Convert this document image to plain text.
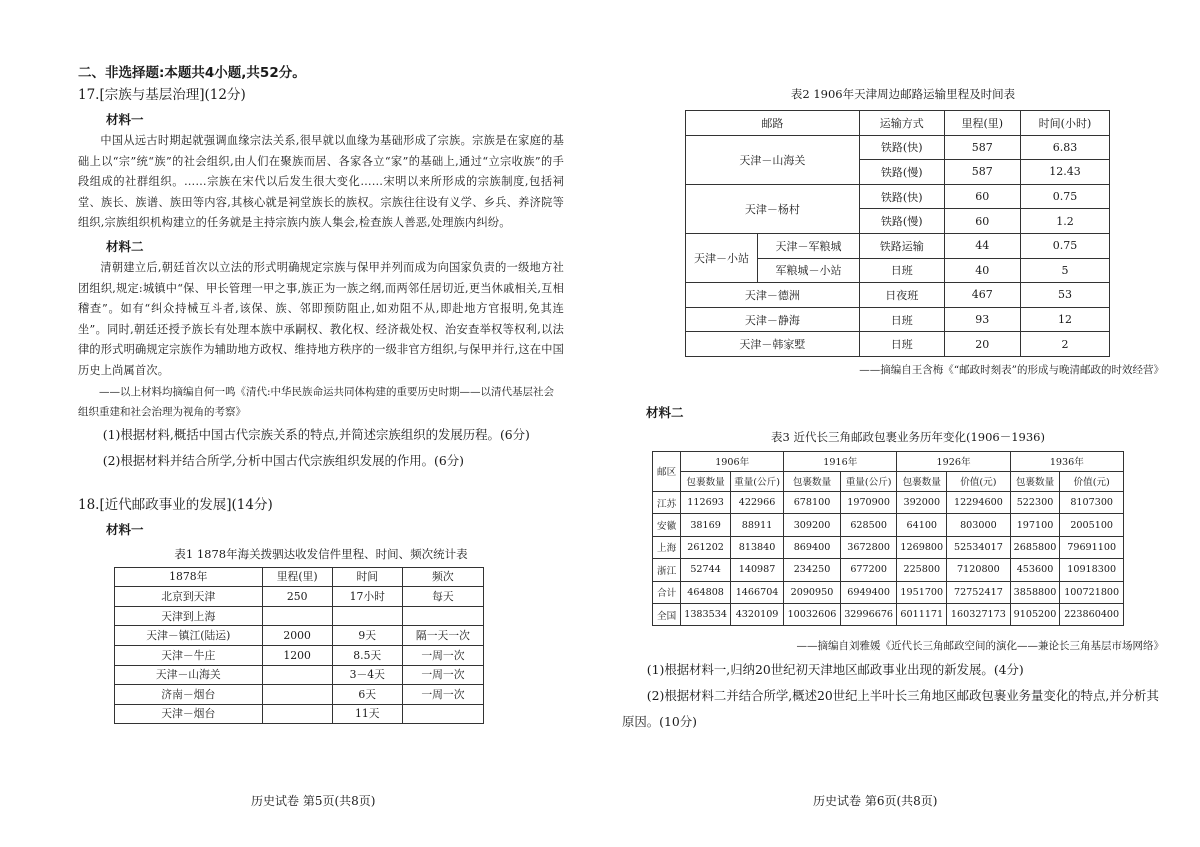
二、非选择题:本题共4小题,共52分。

17.[宗族与基层治理](12分)

材料一

中国从远古时期起就强调血缘宗法关系,很早就以血缘为基础形成了宗族。宗族是在家庭的基础上以“宗”统“族”的社会组织,由人们在聚族而居、各家各立“家”的基础上,通过“立宗收族”的手段组成的社群组织。……宗族在宋代以后发生很大变化……宋明以来所形成的宗族制度,包括祠堂、族长、族谱、族田等内容,其核心就是祠堂族长的族权。宗族往往设有义学、乡兵、养济院等组织,宗族组织机构建立的任务就是主持宗族内族人集会,检查族人善恶,处理族内纠纷。

材料二

清朝建立后,朝廷首次以立法的形式明确规定宗族与保甲并列而成为向国家负责的一级地方社团组织,规定:城镇中“保、甲长管理一甲之事,族正为一族之纲,而两邻任居切近,更当休戚相关,互相稽查”。如有“纠众持械互斗者,该保、族、邻即预防阻止,如劝阻不从,即赴地方官报明,免其连坐”。同时,朝廷还授予族长有处理本族中承嗣权、教化权、经济裁处权、治安查举权等权利,以法律的形式明确规定宗族作为辅助地方政权、维持地方秩序的一级非官方组织,与保甲并行,这在中国历史上尚属首次。

——以上材料均摘编自何一鸣《清代:中华民族命运共同体构建的重要历史时期——以清代基层社会组织重建和社会治理为视角的考察》

(1)根据材料,概括中国古代宗族关系的特点,并简述宗族组织的发展历程。(6分)

(2)根据材料并结合所学,分析中国古代宗族组织发展的作用。(6分)

18.[近代邮政事业的发展](14分)

材料一

表1 1878年海关拨驷达收发信件里程、时间、频次统计表

1878年	里程(里)	时间	频次
北京到天津	250	17小时	每天
天津到上海			
天津－镇江(陆运)	2000	9天	隔一天一次
天津－牛庄	1200	8.5天	一周一次
天津－山海关		3－4天	一周一次
济南－烟台		6天	一周一次
天津－烟台		11天	

历史试卷 第5页(共8页)

表2 1906年天津周边邮路运输里程及时间表

邮路		运输方式	里程(里)	时间(小时)
天津－山海关		铁路(快)	587	6.83
		铁路(慢)	587	12.43
天津－杨村		铁路(快)	60	0.75
		铁路(慢)	60	1.2
天津－小站	天津－军粮城	铁路运输	44	0.75
	军粮城－小站	日班	40	5
天津－德洲		日夜班	467	53
天津－静海		日班	93	12
天津－韩家墅		日班	20	2

——摘编自王含梅《“邮政时刻表”的形成与晚清邮政的时效经营》

材料二

表3 近代长三角邮政包裹业务历年变化(1906－1936)

邮区	1906年		1916年		1926年		1936年	
	包裹数量	重量(公斤)	包裹数量	重量(公斤)	包裹数量	价值(元)	包裹数量	价值(元)
江苏	112693	422966	678100	1970900	392000	12294600	522300	8107300
安徽	38169	88911	309200	628500	64100	803000	197100	2005100
上海	261202	813840	869400	3672800	1269800	52534017	2685800	79691100
浙江	52744	140987	234250	677200	225800	7120800	453600	10918300
合计	464808	1466704	2090950	6949400	1951700	72752417	3858800	100721800
全国	1383534	4320109	10032606	32996676	6011171	160327173	9105200	223860400

——摘编自刘雅媛《近代长三角邮政空间的演化——兼论长三角基层市场网络》

(1)根据材料一,归纳20世纪初天津地区邮政事业出现的新发展。(4分)

(2)根据材料二并结合所学,概述20世纪上半叶长三角地区邮政包裹业务量变化的特点,并分析其原因。(10分)

历史试卷 第6页(共8页)
